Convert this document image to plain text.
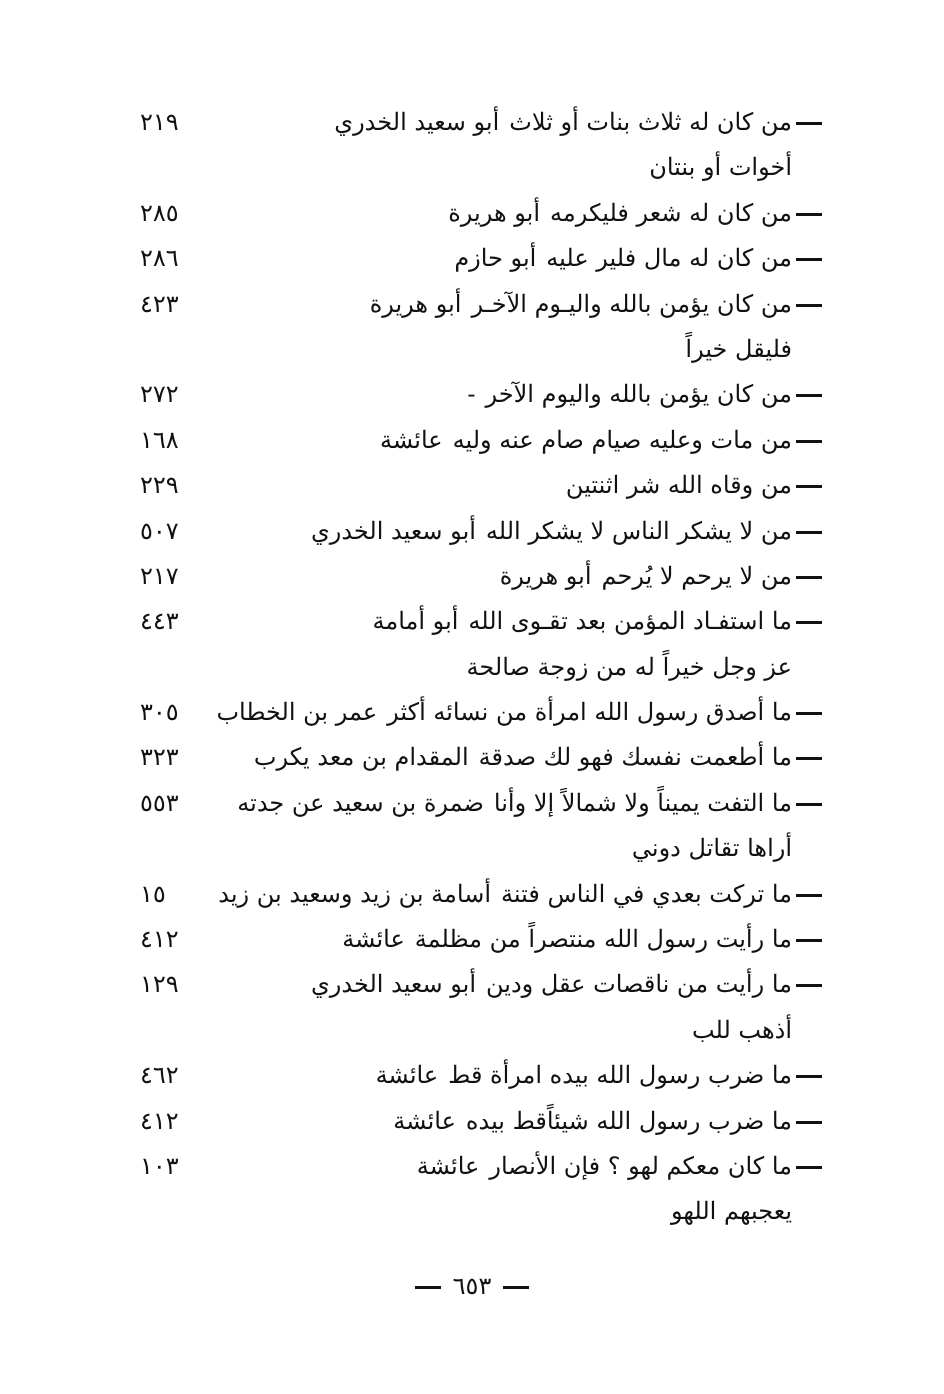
من كان له ثلاث بنات أو ثلاث
أبو سعيد الخدري
٢١٩
أخوات أو بنتان
من كان له شعر فليكرمه
أبو هريرة
٢٨٥
من كان له مال فلير عليه
أبو حازم
٢٨٦
من كان يؤمن بالله واليـوم الآخـر
أبو هريرة
٤٢٣
فليقل خيراً
من كان يؤمن بالله واليوم الآخر
-
٢٧٢
من مات وعليه صيام صام عنه وليه
عائشة
١٦٨
من وقاه الله شر اثنتين
٢٢٩
من لا يشكر الناس لا يشكر الله
أبو سعيد الخدري
٥٠٧
من لا يرحم لا يُرحم
أبو هريرة
٢١٧
ما استفـاد المؤمن بعد تقـوى الله
أبو أمامة
٤٤٣
عز وجل خيراً له من زوجة صالحة
ما أصدق رسول الله امرأة من نسائه أكثر
عمر بن الخطاب
٣٠٥
ما أطعمت نفسك فهو لك صدقة
المقدام بن معد يكرب
٣٢٣
ما التفت يميناً ولا شمالاً إلا وأنا
ضمرة بن سعيد عن جدته
٥٥٣
أراها تقاتل دوني
ما تركت بعدي في الناس فتنة
أسامة بن زيد وسعيد بن زيد
١٥
ما رأيت رسول الله منتصراً من مظلمة
عائشة
٤١٢
ما رأيت من ناقصات عقل ودين
أبو سعيد الخدري
١٢٩
أذهب للب
ما ضرب رسول الله بيده امرأة قط
عائشة
٤٦٢
ما ضرب رسول الله شيئاًقط بيده
عائشة
٤١٢
ما كان معكم لهو ؟ فإن الأنصار
عائشة
١٠٣
يعجبهم اللهو
٦٥٣
